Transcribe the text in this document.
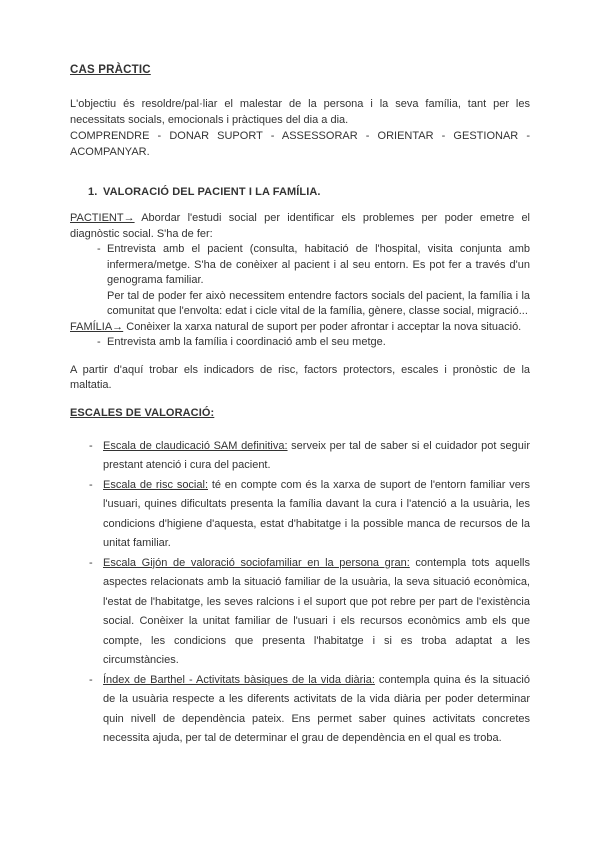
CAS PRÀCTIC

L'objectiu és resoldre/pal·liar el malestar de la persona i la seva família, tant per les necessitats socials, emocionals i pràctiques del dia a dia.

COMPRENDRE - DONAR SUPORT - ASSESSORAR - ORIENTAR - GESTIONAR - ACOMPANYAR.

1. VALORACIÓ DEL PACIENT I LA FAMÍLIA.

PACTIENT→ Abordar l'estudi social per identificar els problemes per poder emetre el diagnòstic social. S'ha de fer:

- Entrevista amb el pacient (consulta, habitació de l'hospital, visita conjunta amb infermera/metge. S'ha de conèixer al pacient i al seu entorn. Es pot fer a través d'un genograma familiar.

Per tal de poder fer això necessitem entendre factors socials del pacient, la família i la comunitat que l'envolta: edat i cicle vital de la família, gènere, classe social, migració...

FAMÍLIA→ Conèixer la xarxa natural de suport per poder afrontar i acceptar la nova situació.

- Entrevista amb la família i coordinació amb el seu metge.

A partir d'aquí trobar els indicadors de risc, factors protectors, escales i pronòstic de la maltatia.

ESCALES DE VALORACIÓ:

- Escala de claudicació SAM definitiva: serveix per tal de saber si el cuidador pot seguir prestant atenció i cura del pacient.

- Escala de risc social: té en compte com és la xarxa de suport de l'entorn familiar vers l'usuari, quines dificultats presenta la família davant la cura i l'atenció a la usuària, les condicions d'higiene d'aquesta, estat d'habitatge i la possible manca de recursos de la unitat familiar.

- Escala Gijón de valoració sociofamiliar en la persona gran: contempla tots aquells aspectes relacionats amb la situació familiar de la usuària, la seva situació econòmica, l'estat de l'habitatge, les seves ralcions i el suport que pot rebre per part de l'existència social. Conèixer la unitat familiar de l'usuari i els recursos econòmics amb els que compte, les condicions que presenta l'habitatge i si es troba adaptat a les circumstàncies.

- Índex de Barthel - Activitats bàsiques de la vida diària: contempla quina és la situació de la usuària respecte a les diferents activitats de la vida diària per poder determinar quin nivell de dependència pateix. Ens permet saber quines activitats concretes necessita ajuda, per tal de determinar el grau de dependència en el qual es troba.
